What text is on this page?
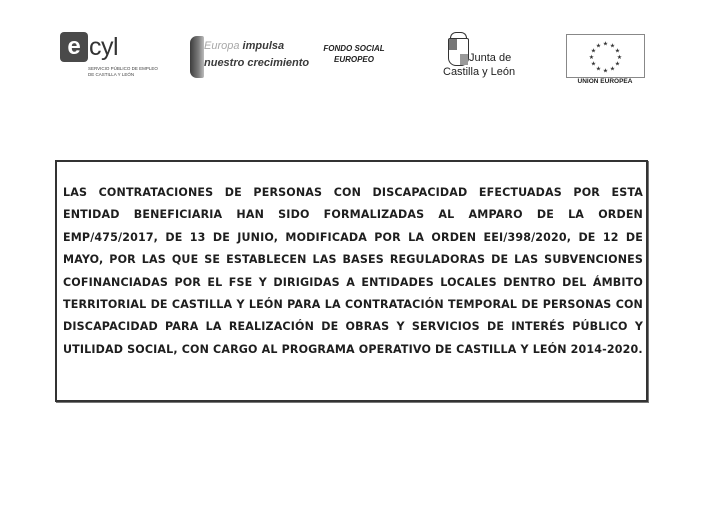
e cyl
SERVICIO PÚBLICO DE EMPLEO DE CASTILLA Y LEÓN
Europa impulsa
nuestro crecimiento
FONDO SOCIAL
EUROPEO	Junta de
Castilla y León
★ ★
★
★
★
★
★
★
★
★
★
★
UNION EUROPEA
LAS CONTRATACIONES DE PERSONAS CON DISCAPACIDAD EFECTUADAS POR ESTA ENTIDAD BENEFICIARIA HAN SIDO FORMALIZADAS AL AMPARO DE LA ORDEN EMP/475/2017, DE 13 DE JUNIO, MODIFICADA POR LA ORDEN EEI/398/2020, DE 12 DE MAYO, POR LAS QUE SE ESTABLECEN LAS BASES REGULADORAS DE LAS SUBVENCIONES COFINANCIADAS POR EL FSE Y DIRIGIDAS A ENTIDADES LOCALES DENTRO DEL ÁMBITO TERRITORIAL DE CASTILLA Y LEÓN PARA LA CONTRATACIÓN TEMPORAL DE PERSONAS CON DISCAPACIDAD PARA LA REALIZACIÓN DE OBRAS Y SERVICIOS DE INTERÉS PÚBLICO Y UTILIDAD SOCIAL, CON CARGO AL PROGRAMA OPERATIVO DE CASTILLA Y LEÓN 2014-2020.
